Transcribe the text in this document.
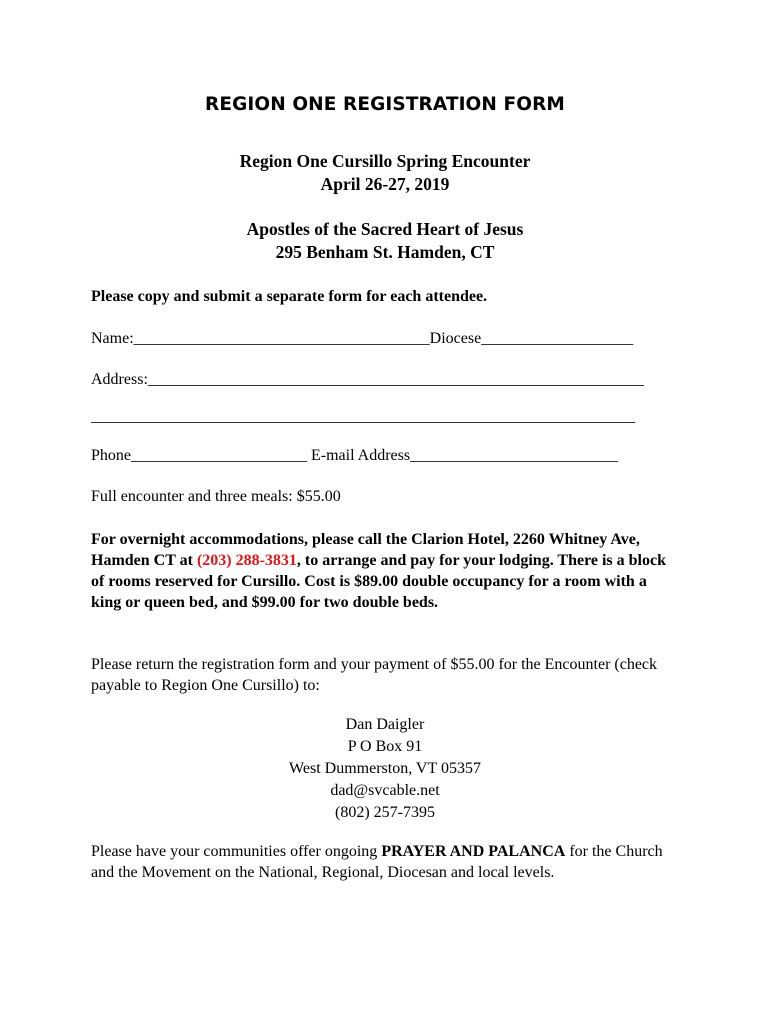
REGION ONE REGISTRATION FORM
Region One Cursillo Spring Encounter
April 26-27, 2019
Apostles of the Sacred Heart of Jesus
295 Benham St. Hamden, CT
Please copy and submit a separate form for each attendee.
Name:_____________________________________Diocese___________________
Address:______________________________________________________________
____________________________________________________________________
Phone______________________ E-mail Address__________________________
Full encounter and three meals: $55.00
For overnight accommodations, please call the Clarion Hotel, 2260 Whitney Ave, Hamden CT at (203) 288-3831, to arrange and pay for your lodging. There is a block of rooms reserved for Cursillo. Cost is $89.00 double occupancy for a room with a king or queen bed, and $99.00 for two double beds.
Please return the registration form and your payment of $55.00 for the Encounter (check payable to Region One Cursillo) to:
Dan Daigler
P O Box 91
West Dummerston, VT 05357
dad@svcable.net
(802) 257-7395
Please have your communities offer ongoing PRAYER AND PALANCA for the Church and the Movement on the National, Regional, Diocesan and local levels.
